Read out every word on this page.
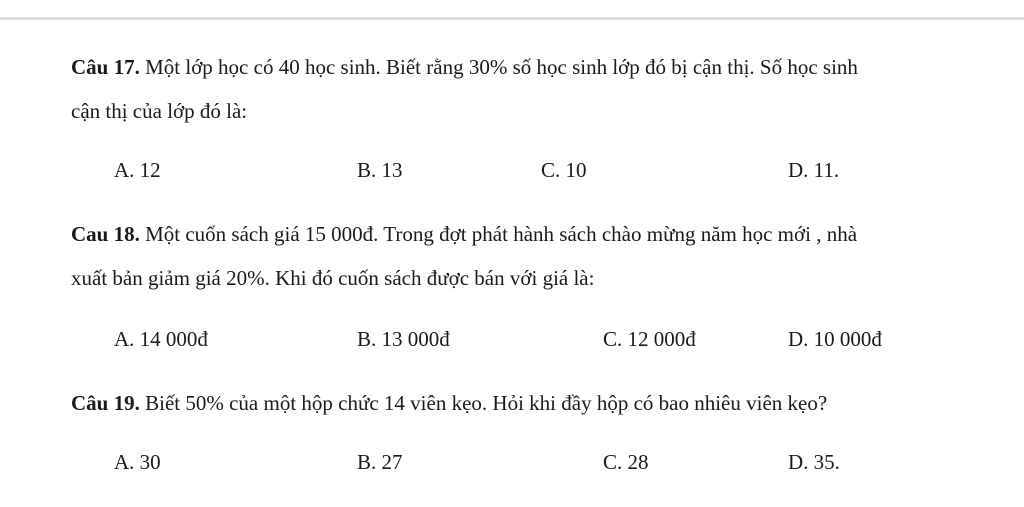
Câu 17. Một lớp học có 40 học sinh. Biết rằng 30% số học sinh lớp đó bị cận thị. Số học sinh
cận thị của lớp đó là:
A. 12	B. 13	C. 10	D. 11.
Cau 18. Một cuốn sách giá 15 000đ. Trong đợt phát hành sách chào mừng năm học mới , nhà
xuất bản giảm giá 20%. Khi đó cuốn sách được bán với giá là:
A. 14 000đ	B. 13 000đ	C. 12 000đ	D. 10 000đ
Câu 19. Biết 50% của một hộp chức 14 viên kẹo. Hỏi khi đầy hộp có bao nhiêu viên kẹo?
A. 30	B. 27	C. 28	D. 35.
